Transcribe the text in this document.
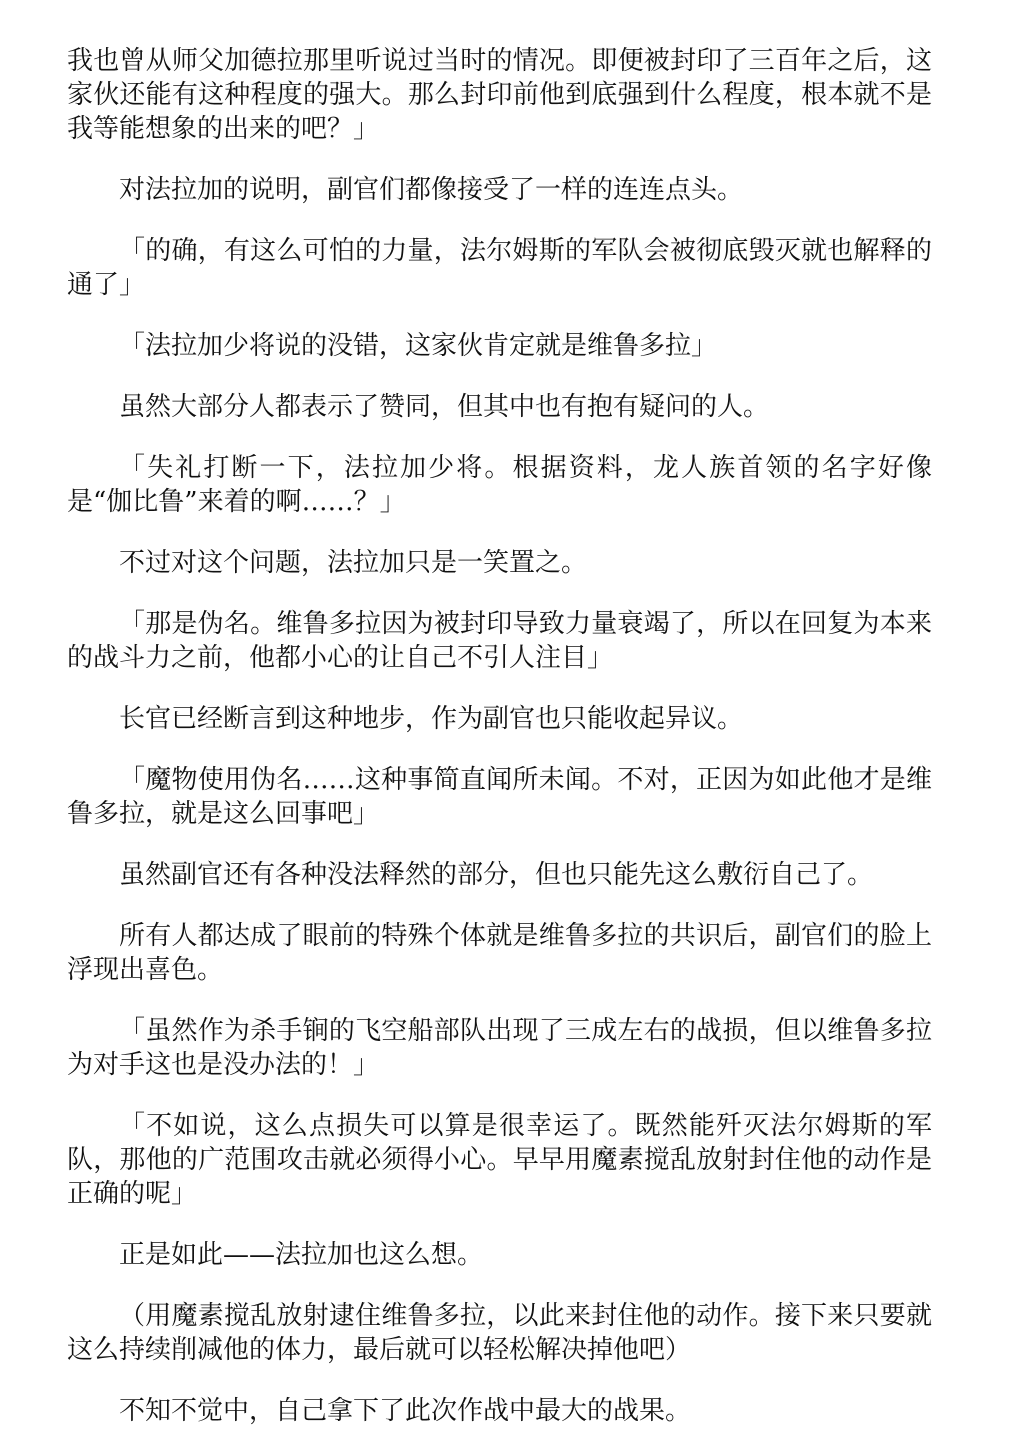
我也曾从师父加德拉那里听说过当时的情况。即便被封印了三百年之后，这家伙还能有这种程度的强大。那么封印前他到底强到什么程度，根本就不是我等能想象的出来的吧？」

对法拉加的说明，副官们都像接受了一样的连连点头。

「的确，有这么可怕的力量，法尔姆斯的军队会被彻底毁灭就也解释的通了」

「法拉加少将说的没错，这家伙肯定就是维鲁多拉」

虽然大部分人都表示了赞同，但其中也有抱有疑问的人。

「失礼打断一下，法拉加少将。根据资料，龙人族首领的名字好像是“伽比鲁”来着的啊……？」

不过对这个问题，法拉加只是一笑置之。

「那是伪名。维鲁多拉因为被封印导致力量衰竭了，所以在回复为本来的战斗力之前，他都小心的让自己不引人注目」

长官已经断言到这种地步，作为副官也只能收起异议。

「魔物使用伪名……这种事简直闻所未闻。不对，正因为如此他才是维鲁多拉，就是这么回事吧」

虽然副官还有各种没法释然的部分，但也只能先这么敷衍自己了。

所有人都达成了眼前的特殊个体就是维鲁多拉的共识后，副官们的脸上浮现出喜色。

「虽然作为杀手锏的飞空船部队出现了三成左右的战损，但以维鲁多拉为对手这也是没办法的！」

「不如说，这么点损失可以算是很幸运了。既然能歼灭法尔姆斯的军队，那他的广范围攻击就必须得小心。早早用魔素搅乱放射封住他的动作是正确的呢」

正是如此——法拉加也这么想。

（用魔素搅乱放射逮住维鲁多拉，以此来封住他的动作。接下来只要就这么持续削减他的体力，最后就可以轻松解决掉他吧）

不知不觉中，自己拿下了此次作战中最大的战果。
